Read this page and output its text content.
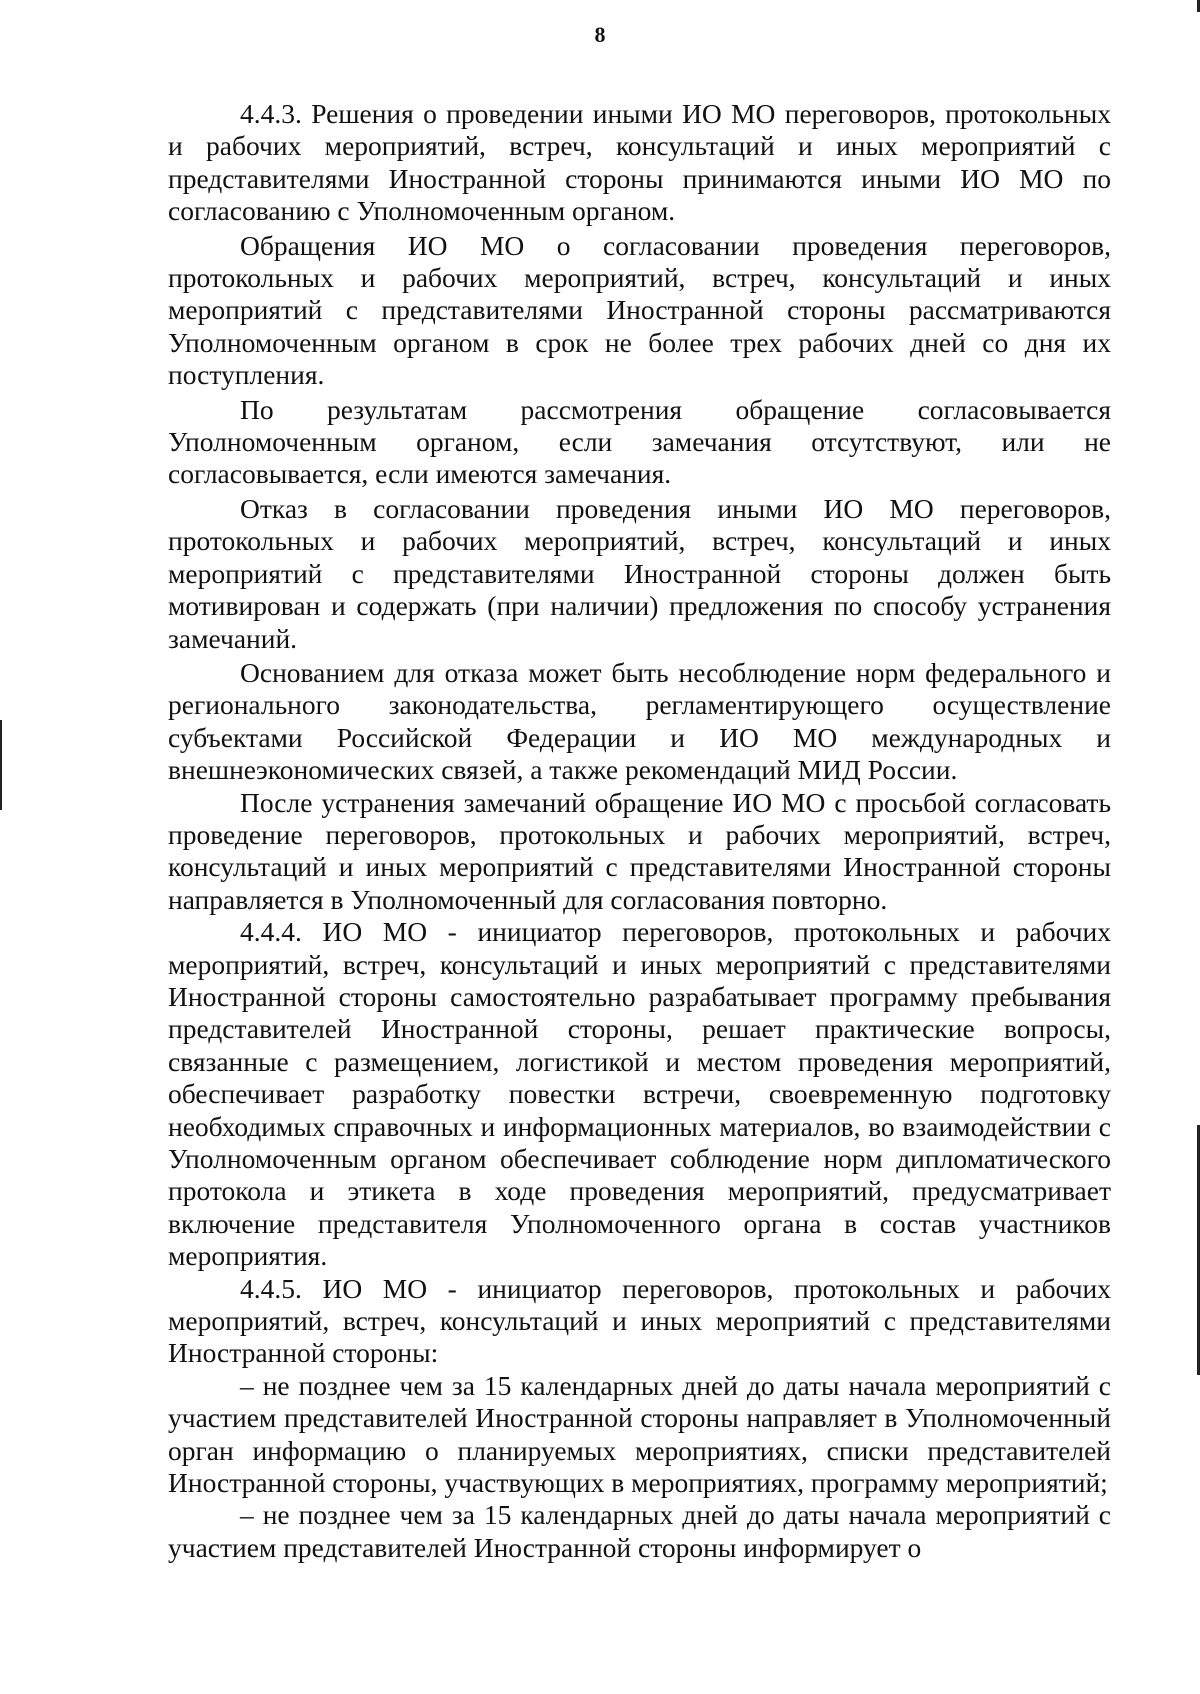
8

4.4.3. Решения о проведении иными ИО МО переговоров, протокольных и рабочих мероприятий, встреч, консультаций и иных мероприятий с представителями Иностранной стороны принимаются иными ИО МО по согласованию с Уполномоченным органом.

Обращения ИО МО о согласовании проведения переговоров, протокольных и рабочих мероприятий, встреч, консультаций и иных мероприятий с представителями Иностранной стороны рассматриваются Уполномоченным органом в срок не более трех рабочих дней со дня их поступления.

По результатам рассмотрения обращение согласовывается Уполномоченным органом, если замечания отсутствуют, или не согласовывается, если имеются замечания.

Отказ в согласовании проведения иными ИО МО переговоров, протокольных и рабочих мероприятий, встреч, консультаций и иных мероприятий с представителями Иностранной стороны должен быть мотивирован и содержать (при наличии) предложения по способу устранения замечаний.

Основанием для отказа может быть несоблюдение норм федерального и регионального законодательства, регламентирующего осуществление субъектами Российской Федерации и ИО МО международных и внешнеэкономических связей, а также рекомендаций МИД России.

После устранения замечаний обращение ИО МО с просьбой согласовать проведение переговоров, протокольных и рабочих мероприятий, встреч, консультаций и иных мероприятий с представителями Иностранной стороны направляется в Уполномоченный для согласования повторно.

4.4.4. ИО МО - инициатор переговоров, протокольных и рабочих мероприятий, встреч, консультаций и иных мероприятий с представителями Иностранной стороны самостоятельно разрабатывает программу пребывания представителей Иностранной стороны, решает практические вопросы, связанные с размещением, логистикой и местом проведения мероприятий, обеспечивает разработку повестки встречи, своевременную подготовку необходимых справочных и информационных материалов, во взаимодействии с Уполномоченным органом обеспечивает соблюдение норм дипломатического протокола и этикета в ходе проведения мероприятий, предусматривает включение представителя Уполномоченного органа в состав участников мероприятия.

4.4.5. ИО МО - инициатор переговоров, протокольных и рабочих мероприятий, встреч, консультаций и иных мероприятий с представителями Иностранной стороны:

– не позднее чем за 15 календарных дней до даты начала мероприятий с участием представителей Иностранной стороны направляет в Уполномоченный орган информацию о планируемых мероприятиях, списки представителей Иностранной стороны, участвующих в мероприятиях, программу мероприятий;

– не позднее чем за 15 календарных дней до даты начала мероприятий с участием представителей Иностранной стороны информирует о
